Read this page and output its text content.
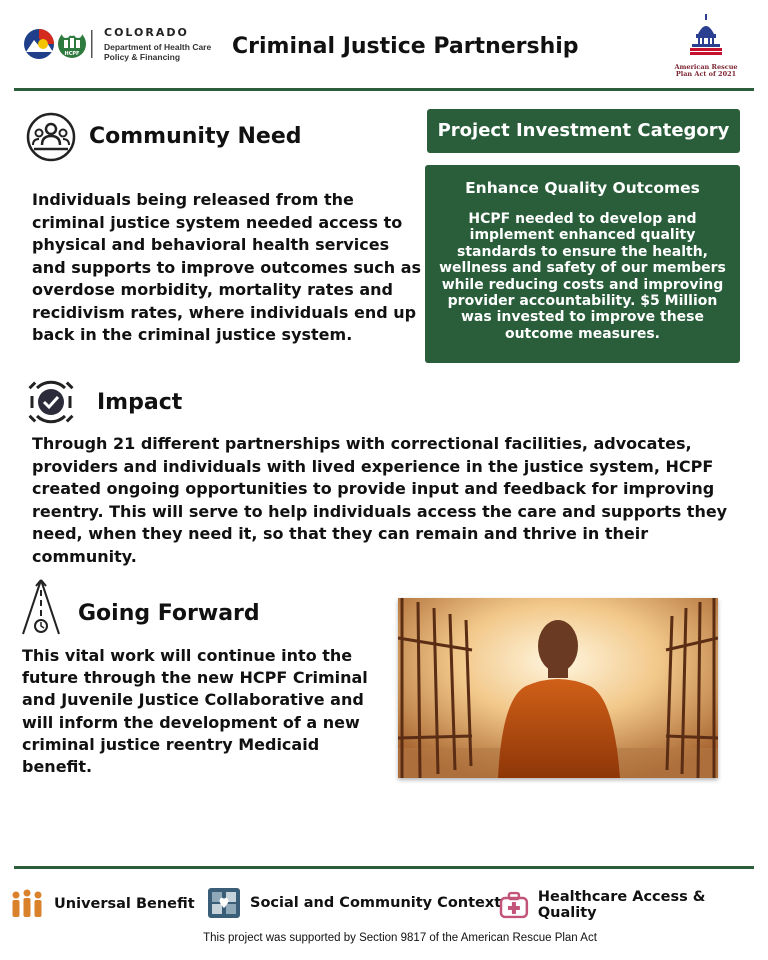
HCPF
COLORADO
Department of Health Care
Policy & Financing	Criminal Justice Partnership
American Rescue
Plan Act of 2021
Community Need
Individuals being released from the criminal justice system needed access to physical and behavioral health services and supports to improve outcomes such as overdose morbidity, mortality rates and recidivism rates, where individuals end up back in the criminal justice system.
Project Investment Category
Enhance Quality Outcomes
HCPF needed to develop and implement enhanced quality standards to ensure the health, wellness and safety of our members while reducing costs and improving provider accountability. $5 Million was invested to improve these outcome measures.
Impact
Through 21 different partnerships with correctional facilities, advocates, providers and individuals with lived experience in the justice system, HCPF created ongoing opportunities to provide input and feedback for improving reentry. This will serve to help individuals access the care and supports they need, when they need it, so that they can remain and thrive in their community.
Going Forward
This vital work will continue into the future through the new HCPF Criminal and Juvenile Justice Collaborative and will inform the development of a new criminal justice reentry Medicaid benefit.
Universal Benefit	Social and Community Context	Healthcare Access & Quality
This project was supported by Section 9817 of the American Rescue Plan Act
